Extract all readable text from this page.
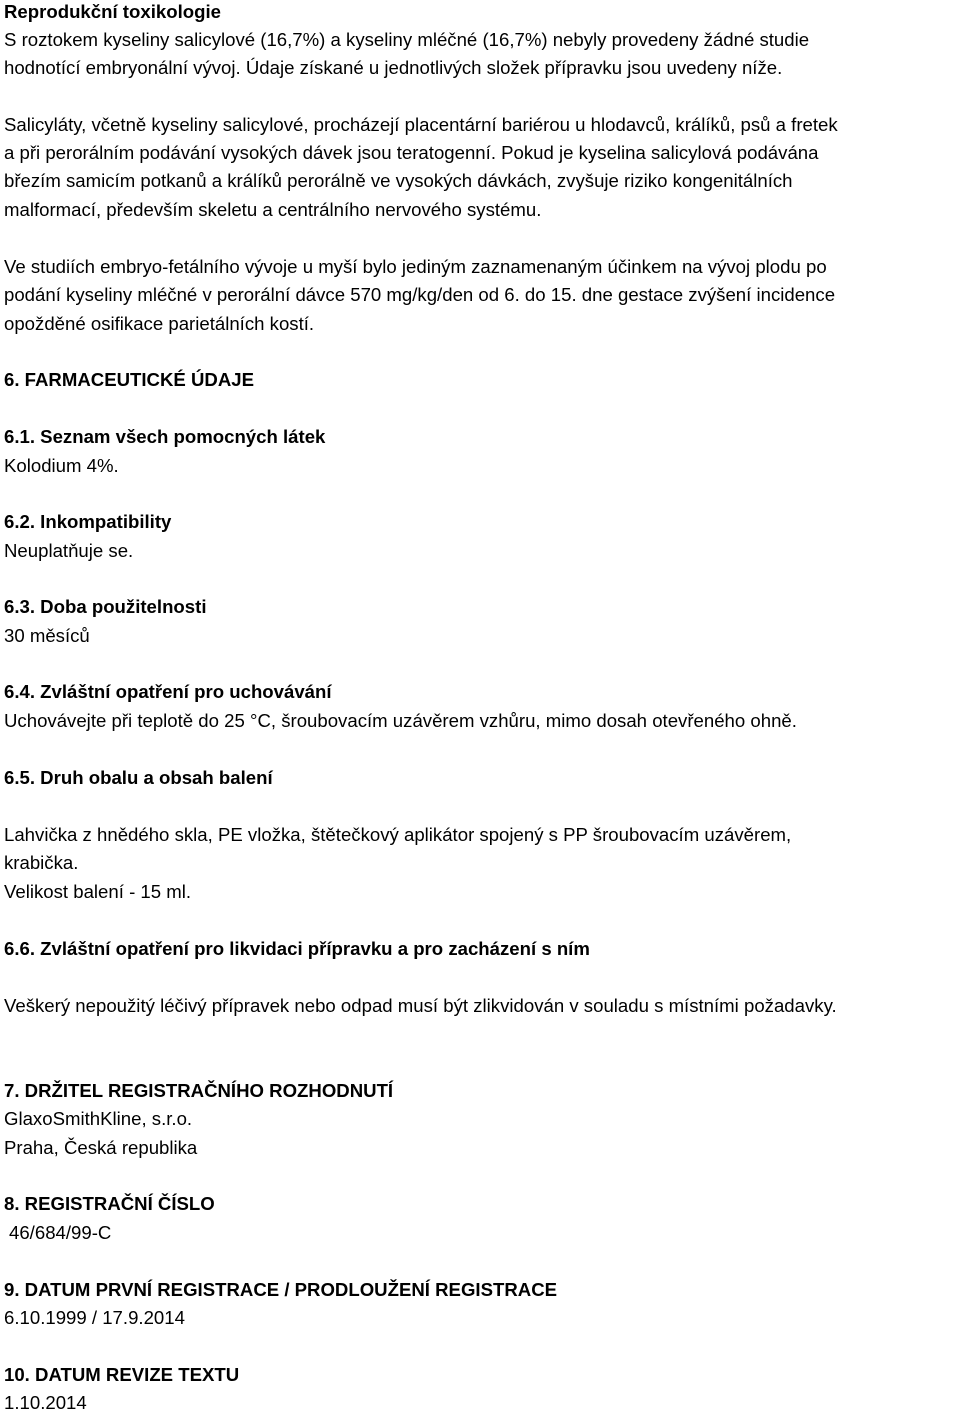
Reprodukční toxikologie
S roztokem kyseliny salicylové (16,7%) a kyseliny mléčné (16,7%) nebyly provedeny žádné studie
hodnotící embryonální vývoj. Údaje získané u jednotlivých složek přípravku jsou uvedeny níže.
Salicyláty, včetně kyseliny salicylové, procházejí placentární bariérou u hlodavců, králíků, psů a fretek
a při perorálním podávání vysokých dávek jsou teratogenní. Pokud je kyselina salicylová podávána
březím samicím potkanů a králíků perorálně ve vysokých dávkách, zvyšuje riziko kongenitálních
malformací, především skeletu a centrálního nervového systému.
Ve studiích embryo-fetálního vývoje u myší bylo jediným zaznamenaným účinkem na vývoj plodu po
podání kyseliny mléčné v perorální dávce 570 mg/kg/den od 6. do 15. dne gestace zvýšení incidence
opožděné osifikace parietálních kostí.
6. FARMACEUTICKÉ ÚDAJE
6.1. Seznam všech pomocných látek
Kolodium 4%.
6.2. Inkompatibility
Neuplatňuje se.
6.3. Doba použitelnosti
30 měsíců
6.4. Zvláštní opatření pro uchovávání
Uchovávejte při teplotě do 25 °C, šroubovacím uzávěrem vzhůru, mimo dosah otevřeného ohně.
6.5. Druh obalu a obsah balení
Lahvička z hnědého skla, PE vložka, štětečkový aplikátor spojený s PP šroubovacím uzávěrem,
krabička.
Velikost balení - 15 ml.
6.6. Zvláštní opatření pro likvidaci přípravku a pro zacházení s ním
Veškerý nepoužitý léčivý přípravek nebo odpad musí být zlikvidován v souladu s místními požadavky.
7. DRŽITEL REGISTRAČNÍHO ROZHODNUTÍ
GlaxoSmithKline, s.r.o.
Praha, Česká republika
8. REGISTRAČNÍ ČÍSLO
46/684/99-C
9. DATUM PRVNÍ REGISTRACE / PRODLOUŽENÍ REGISTRACE
6.10.1999 / 17.9.2014
10. DATUM REVIZE TEXTU
1.10.2014
